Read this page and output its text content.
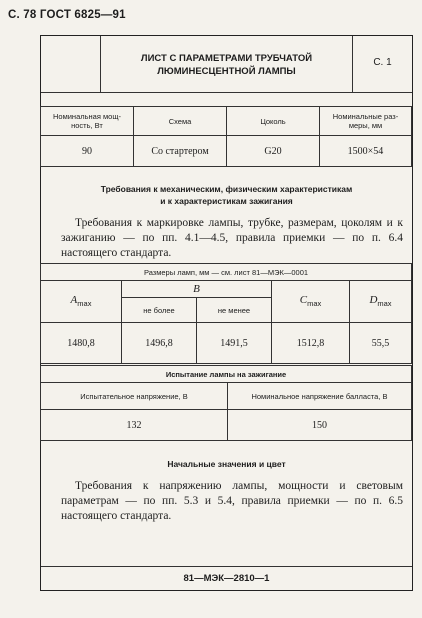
С. 78 ГОСТ 6825—91
ЛИСТ С ПАРАМЕТРАМИ ТРУБЧАТОЙ
ЛЮМИНЕСЦЕНТНОЙ ЛАМПЫ
С. 1
Номинальная мощ-
ность, Вт	Схема	Цоколь	Номинальные раз-
меры, мм
90	Со стартером	G20	1500×54
Требования к механическим, физическим характеристикам
и к характеристикам зажигания
Требования к маркировке лампы, трубке, размерам, цоколям и к зажиганию — по пп. 4.1—4.5, правила приемки — по п. 6.4 настоящего стандарта.
Размеры ламп, мм — см. лист 81—МЭК—0001				
$A_{max}$	B		$C_{max}$	$D_{max}$
	не более	не менее		
1480,8	1496,8	1491,5	1512,8	55,5
Испытание лампы на зажигание	
Испытательное напряжение, В	Номинальное напряжение балласта, В
132	150
Начальные значения и цвет
Требования к напряжению лампы, мощности и световым параметрам — по пп. 5.3 и 5.4, правила приемки — по п. 6.5 настоящего стандарта.
81—МЭК—2810—1
